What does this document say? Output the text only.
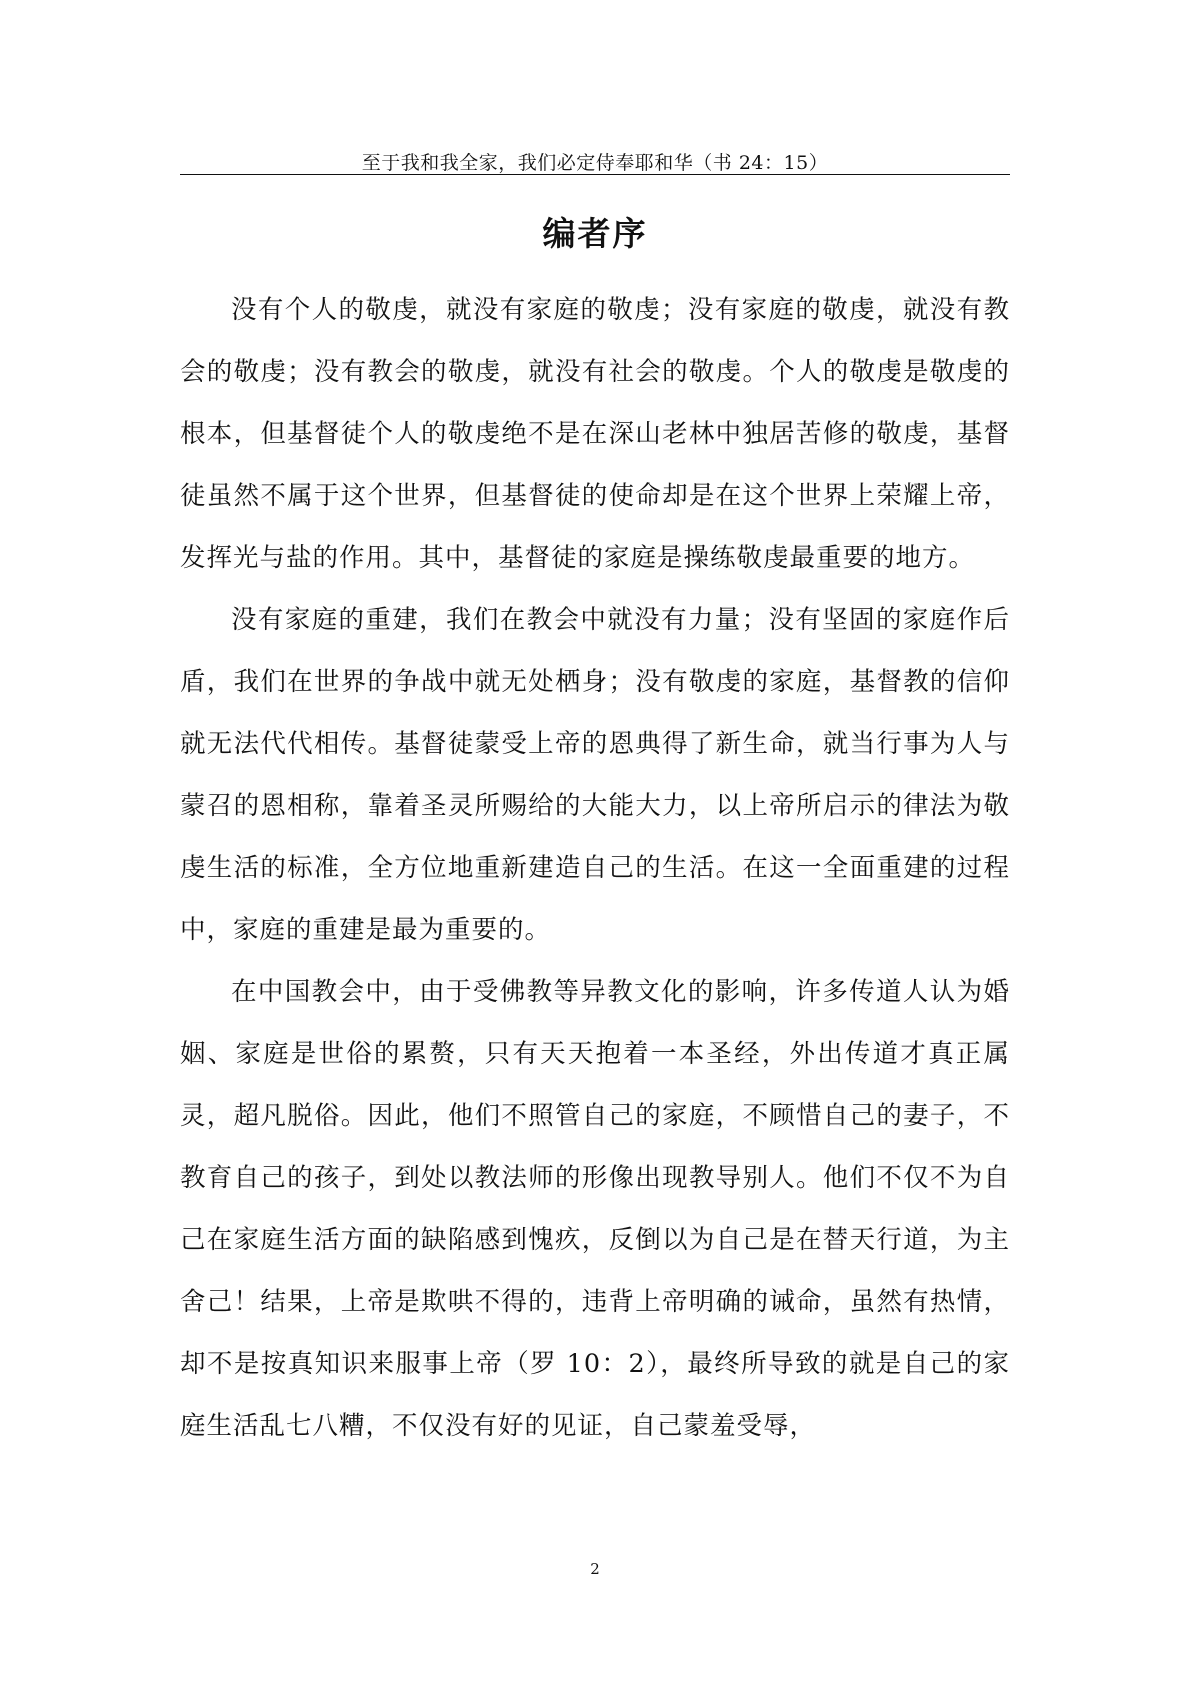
至于我和我全家，我们必定侍奉耶和华（书 24：15）
编者序

没有个人的敬虔，就没有家庭的敬虔；没有家庭的敬虔，就没有教会的敬虔；没有教会的敬虔，就没有社会的敬虔。个人的敬虔是敬虔的根本，但基督徒个人的敬虔绝不是在深山老林中独居苦修的敬虔，基督徒虽然不属于这个世界，但基督徒的使命却是在这个世界上荣耀上帝，发挥光与盐的作用。其中，基督徒的家庭是操练敬虔最重要的地方。

没有家庭的重建，我们在教会中就没有力量；没有坚固的家庭作后盾，我们在世界的争战中就无处栖身；没有敬虔的家庭，基督教的信仰就无法代代相传。基督徒蒙受上帝的恩典得了新生命，就当行事为人与蒙召的恩相称，靠着圣灵所赐给的大能大力，以上帝所启示的律法为敬虔生活的标准，全方位地重新建造自己的生活。在这一全面重建的过程中，家庭的重建是最为重要的。

在中国教会中，由于受佛教等异教文化的影响，许多传道人认为婚姻、家庭是世俗的累赘，只有天天抱着一本圣经，外出传道才真正属灵，超凡脱俗。因此，他们不照管自己的家庭，不顾惜自己的妻子，不教育自己的孩子，到处以教法师的形像出现教导别人。他们不仅不为自己在家庭生活方面的缺陷感到愧疚，反倒以为自己是在替天行道，为主舍己！结果，上帝是欺哄不得的，违背上帝明确的诫命，虽然有热情，却不是按真知识来服事上帝（罗 10：2），最终所导致的就是自己的家庭生活乱七八糟，不仅没有好的见证，自己蒙羞受辱，

2
